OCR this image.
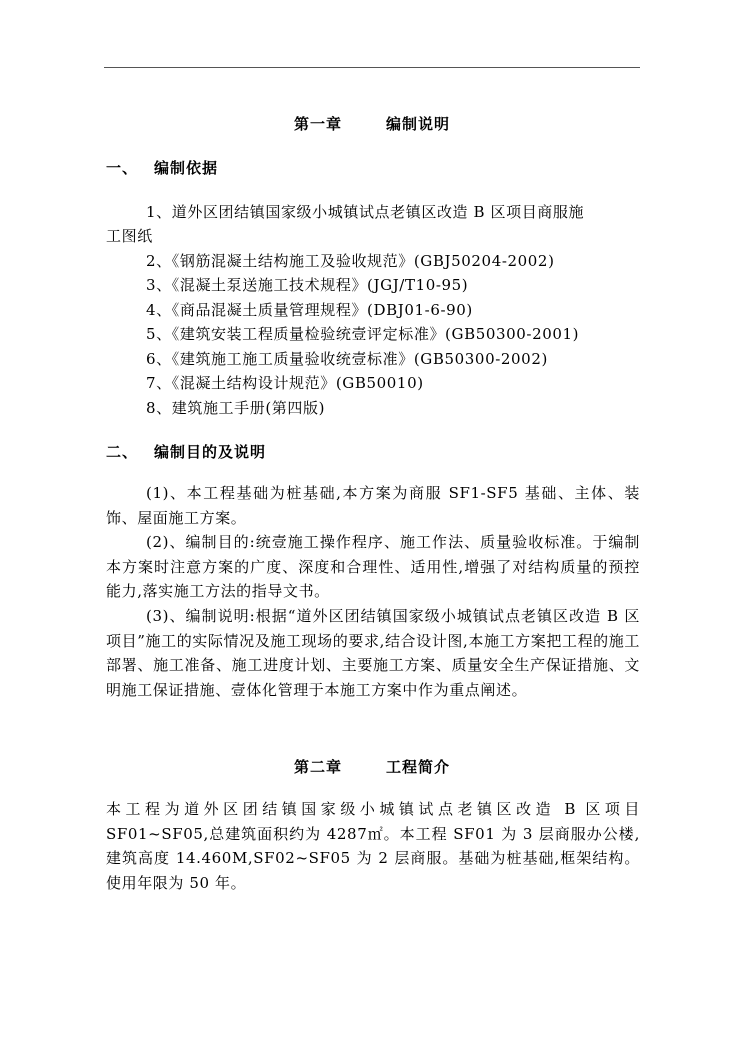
第一章	编制说明
一、 编制依据
1、道外区团结镇国家级小城镇试点老镇区改造 B 区项目商服施
工图纸
2、《钢筋混凝土结构施工及验收规范》(GBJ50204-2002)
3、《混凝土泵送施工技术规程》(JGJ/T10-95)
4、《商品混凝土质量管理规程》(DBJ01-6-90)
5、《建筑安装工程质量检验统壹评定标准》(GB50300-2001)
6、《建筑施工施工质量验收统壹标准》(GB50300-2002)
7、《混凝土结构设计规范》(GB50010)
8、建筑施工手册(第四版)
二、 编制目的及说明

(1)、本工程基础为桩基础,本方案为商服 SF1-SF5 基础、主体、装饰、屋面施工方案。

(2)、编制目的:统壹施工操作程序、施工作法、质量验收标准。于编制本方案时注意方案的广度、深度和合理性、适用性,增强了对结构质量的预控能力,落实施工方法的指导文书。

(3)、编制说明:根据“道外区团结镇国家级小城镇试点老镇区改造 B 区项目”施工的实际情况及施工现场的要求,结合设计图,本施工方案把工程的施工部署、施工准备、施工进度计划、主要施工方案、质量安全生产保证措施、文明施工保证措施、壹体化管理于本施工方案中作为重点阐述。

第二章	工程简介

本工程为道外区团结镇国家级小城镇试点老镇区改造 B 区项目 SF01~SF05,总建筑面积约为 4287㎡。本工程 SF01 为 3 层商服办公楼,建筑高度 14.460M,SF02~SF05 为 2 层商服。基础为桩基础,框架结构。使用年限为 50 年。
